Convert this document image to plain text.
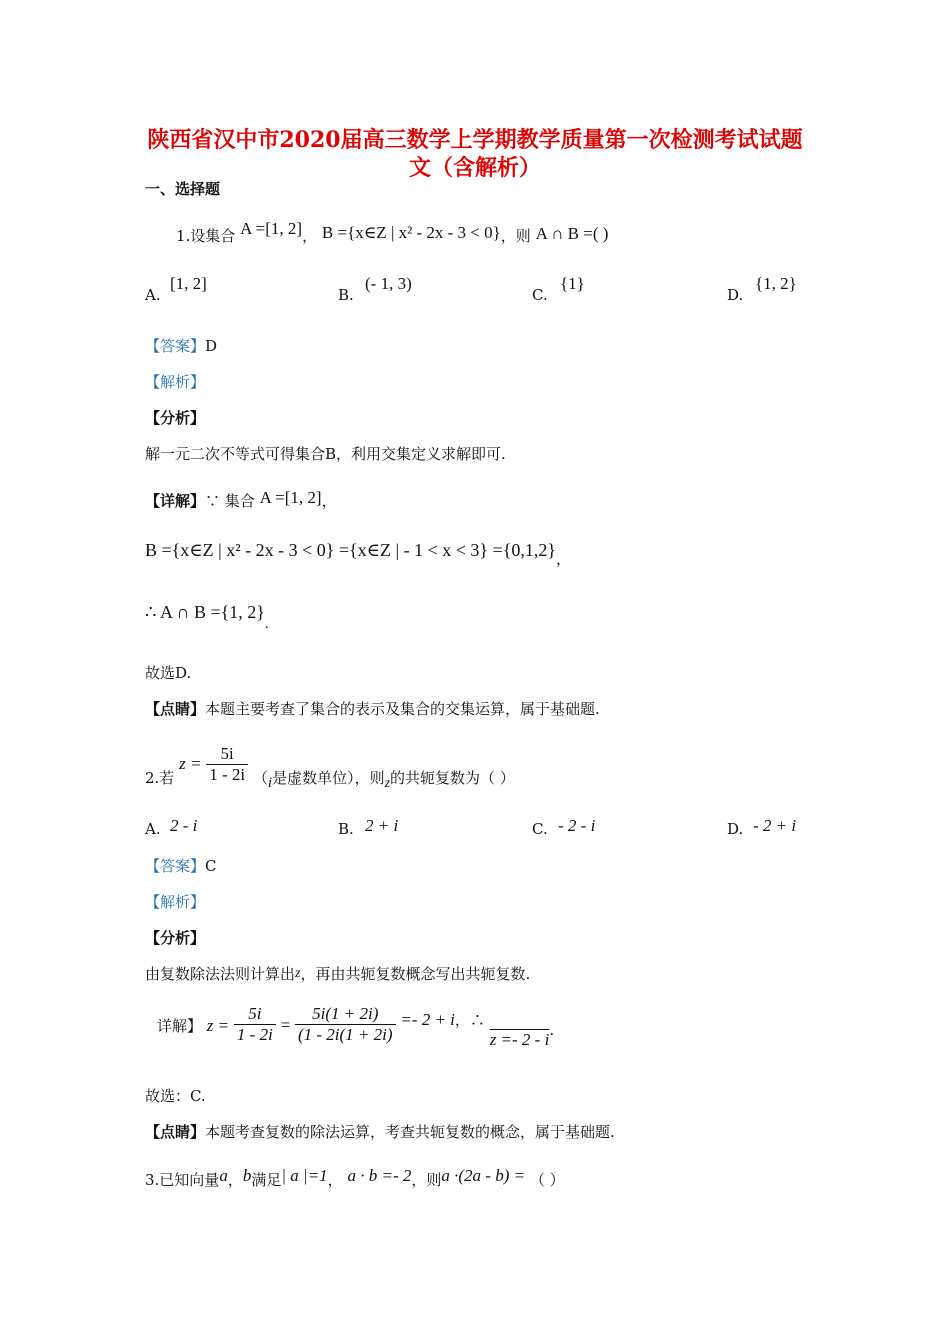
陕西省汉中市2020届高三数学上学期教学质量第一次检测考试试题
文（含解析）
一、选择题
1.设集合 A =[1, 2]， B ={x∈Z | x² - 2x - 3 < 0}，则 A ∩ B =( )
A.
[1, 2]
B.
(- 1, 3)
C.
{1}
D.
{1, 2}
【答案】D
【解析】
【分析】
解一元二次不等式可得集合B，利用交集定义求解即可.
【详解】∵ 集合 A =[1, 2]，
B ={x∈Z | x² - 2x - 3 < 0} ={x∈Z | - $1 < x < 3\} =\{0,1,2\}_,$
∴ A ∩ B ={1, $2\}_.$
故选D.
【点睛】本题主要考查了集合的表示及集合的交集运算，属于基础题.
2.若 $z = \frac{5i}{1 - 2i} (i$是虚数单位），则z的共轭复数为（ ）
A. 2 - i	B. 2 + i	C. - 2 - i	D. - 2 + i
【答案】C
【解析】
【分析】
由复数除法法则计算出z，再由共轭复数概念写出共轭复数.
详解】 $z = \frac{5i}{1 - 2i} = \frac{5i(1 + 2i)}{(1 - 2i(1 + 2i)} =- 2 + i$，∴ z =- 2 - i.
故选：C.
【点睛】本题考查复数的除法运算，考查共轭复数的概念，属于基础题.
3.已知向量a，b满足| a |=1， a · b =- 2，则a ·(2a - b) = （ ）
